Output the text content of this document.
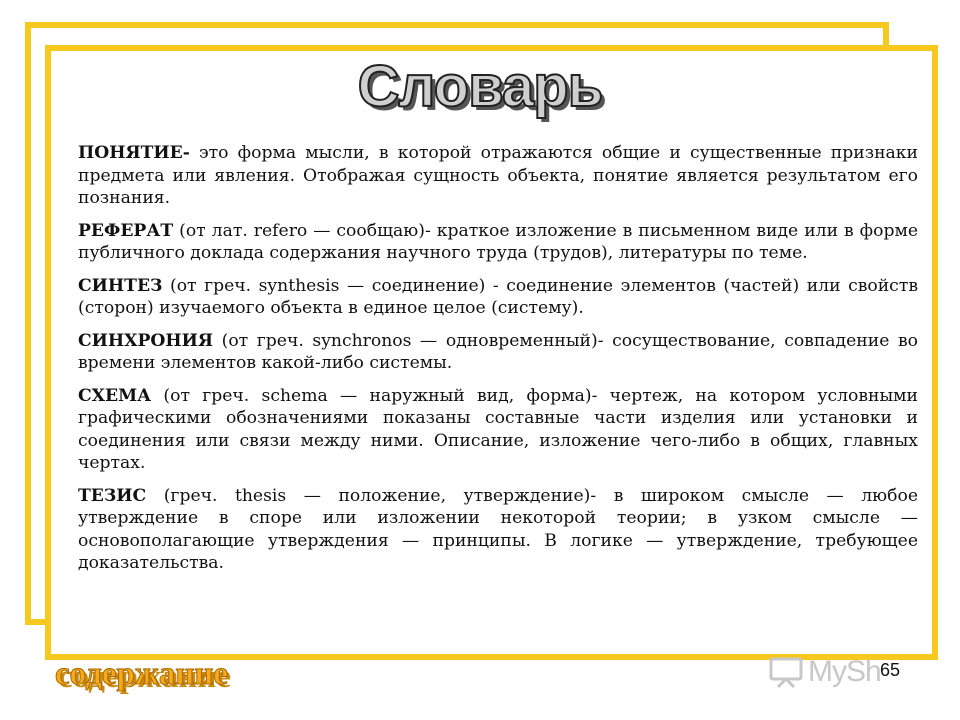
Словарь

ПОНЯТИЕ- это форма мысли, в которой отражаются общие и существенные признаки предмета или явления. Отображая сущность объекта, понятие является результатом его познания.

РЕФЕРАТ (от лат. refero — сообщаю)- краткое изложение в письменном виде или в форме публичного доклада содержания научного труда (трудов), литературы по теме.

СИНТЕЗ (от греч. synthesis — соединение) - соединение элементов (частей) или свойств (сторон) изучаемого объекта в единое целое (систему).

СИНХРОНИЯ (от греч. synchronos — одновременный)- сосуществование, совпадение во времени элементов какой-либо системы.

СХЕМА (от греч. schema — наружный вид, форма)- чертеж, на котором условными графическими обозначениями показаны составные части изделия или установки и соединения или связи между ними. Описание, изложение чего-либо в общих, главных чертах.

ТЕЗИС (греч. thesis — положение, утверждение)- в широком смысле — любое утверждение в споре или изложении некоторой теории; в узком смысле — основополагающие утверждения — принципы. В логике — утверждение, требующее доказательства.

содержание	MySh 65
